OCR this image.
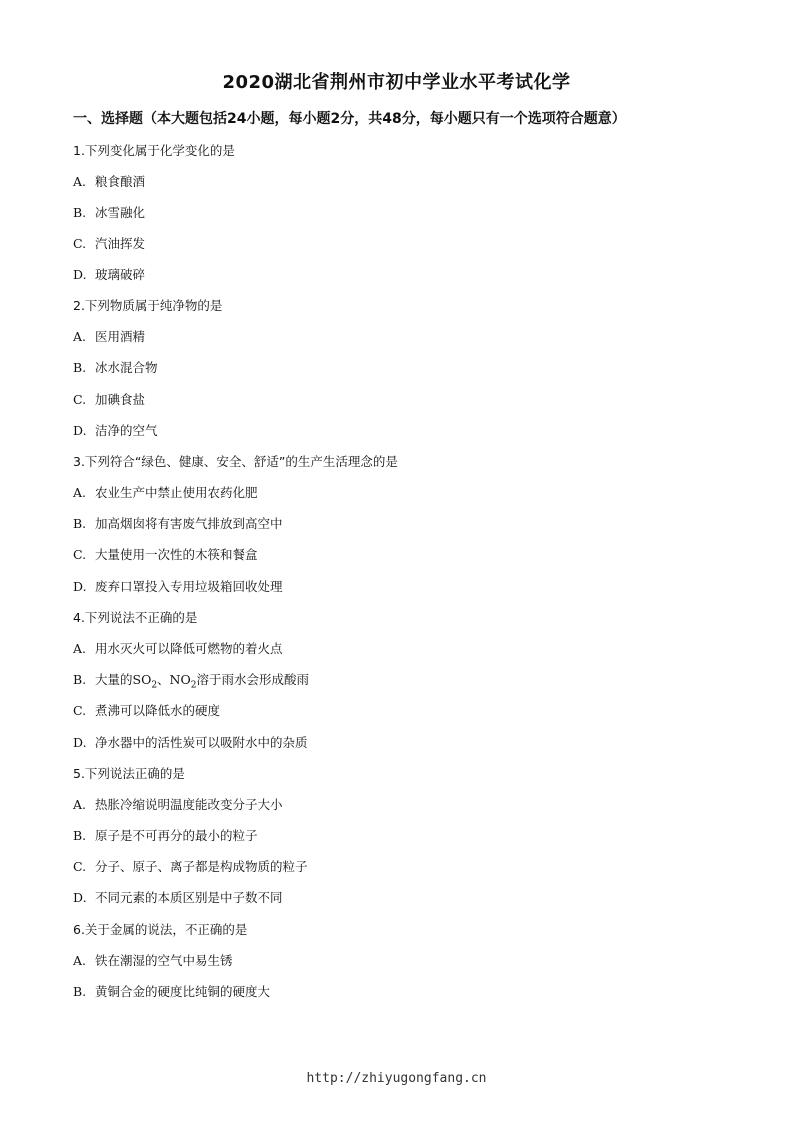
2020湖北省荆州市初中学业水平考试化学
一、选择题（本大题包括24小题，每小题2分，共48分，每小题只有一个选项符合题意）
1.下列变化属于化学变化的是
A. 粮食酿酒
B. 冰雪融化
C. 汽油挥发
D. 玻璃破碎
2.下列物质属于纯净物的是
A. 医用酒精
B. 冰水混合物
C. 加碘食盐
D. 洁净的空气
3.下列符合“绿色、健康、安全、舒适”的生产生活理念的是
A. 农业生产中禁止使用农药化肥
B. 加高烟囱将有害废气排放到高空中
C. 大量使用一次性的木筷和餐盒
D. 废弃口罩投入专用垃圾箱回收处理
4.下列说法不正确的是
A. 用水灭火可以降低可燃物的着火点
B. 大量的$SO_2$、$NO_2$溶于雨水会形成酸雨
C. 煮沸可以降低水的硬度
D. 净水器中的活性炭可以吸附水中的杂质
5.下列说法正确的是
A. 热胀冷缩说明温度能改变分子大小
B. 原子是不可再分的最小的粒子
C. 分子、原子、离子都是构成物质的粒子
D. 不同元素的本质区别是中子数不同
6.关于金属的说法，不正确的是
A. 铁在潮湿的空气中易生锈
B. 黄铜合金的硬度比纯铜的硬度大
http://zhiyugongfang.cn
